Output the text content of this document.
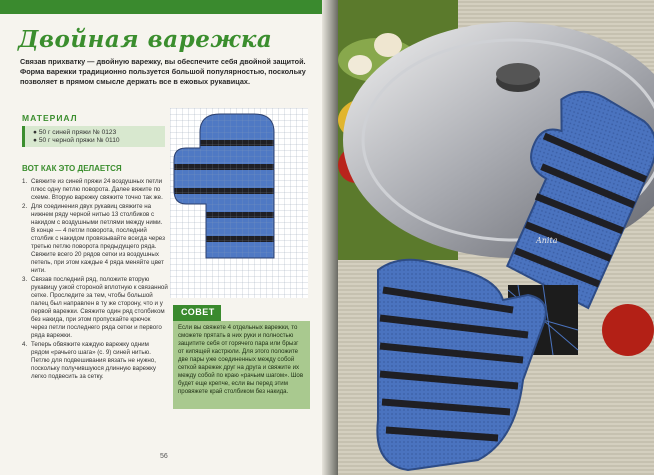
Двойная варежка

Связав прихватку — двойную варежку, вы обеспечите себя двойной защитой. Форма варежки традиционно пользуется большой популярностью, поскольку позволяет в прямом смысле держать все в ежовых рукавицах.

МАТЕРИАЛ
● 50 г синей пряжи № 0123
● 50 г черной пряжи № 0110
ВОТ КАК ЭТО ДЕЛАЕТСЯ
1. Свяжите из синей пряжи 24 воздушных петли плюс одну петлю поворота. Далее вяжите по схеме. Вторую варежку свяжите точно так же.
2. Для соединения двух рукавиц свяжите на нижнем ряду черной нитью 13 столбиков с накидом с воздушными петлями между ними. В конце — 4 петли поворота, последний столбик с накидом провязывайте всегда через третью петлю поворота предыдущего ряда. Свяжите всего 20 рядов сетки из воздушных петель, при этом каждые 4 ряда меняйте цвет нити.
3. Связав последний ряд, положите вторую рукавицу узкой стороной вплотную к связанной сетке. Проследите за тем, чтобы большой палец был направлен в ту же сторону, что и у первой варежки. Свяжите один ряд столбиком без накида, при этом пропускайте крючок через петли последнего ряда сетки и первого ряда варежки.
4. Теперь обвяжите каждую варежку одним рядом «рачьего шага» (с. 9) синей нитью. Петлю для подвешивания вязать не нужно, поскольку получившуюся длинную варежку легко подвесить за сетку.
СОВЕТ

Если вы свяжете 4 отдельных варежки, то сможете прятать в них руки и полностью защитите себя от горячего пара или брызг от кипящей кастрюли. Для этого положите две пары уже соединенных между собой сеткой варежек друг на друга и свяжите их между собой по краю «рачьим шагом». Шов будет еще крепче, если вы перед этим провяжете край столбиком без накида.

56
Anita
